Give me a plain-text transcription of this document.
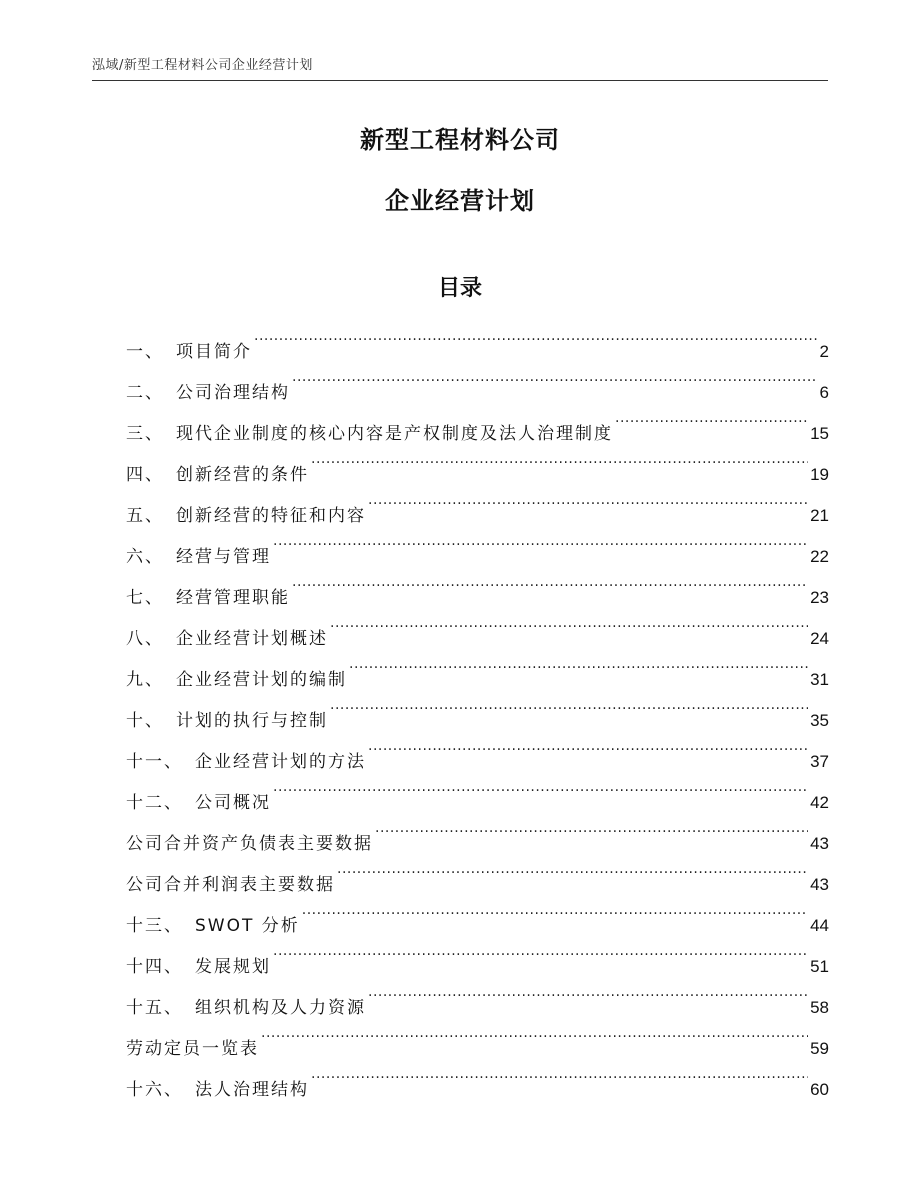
泓域/新型工程材料公司企业经营计划
新型工程材料公司
企业经营计划
目录
一、 项目简介 .....	2
二、 公司治理结构 .....	6
三、 现代企业制度的核心内容是产权制度及法人治理制度 .....	15
四、 创新经营的条件 .....	19
五、 创新经营的特征和内容 .....	21
六、 经营与管理 .....	22
七、 经营管理职能 .....	23
八、 企业经营计划概述 .....	24
九、 企业经营计划的编制 .....	31
十、 计划的执行与控制 .....	35
十一、 企业经营计划的方法 .....	37
十二、 公司概况 .....	42
公司合并资产负债表主要数据 .....	43
公司合并利润表主要数据 .....	43
十三、 SWOT 分析 .....	44
十四、 发展规划 .....	51
十五、 组织机构及人力资源 .....	58
劳动定员一览表 .....	59
十六、 法人治理结构 .....	60
